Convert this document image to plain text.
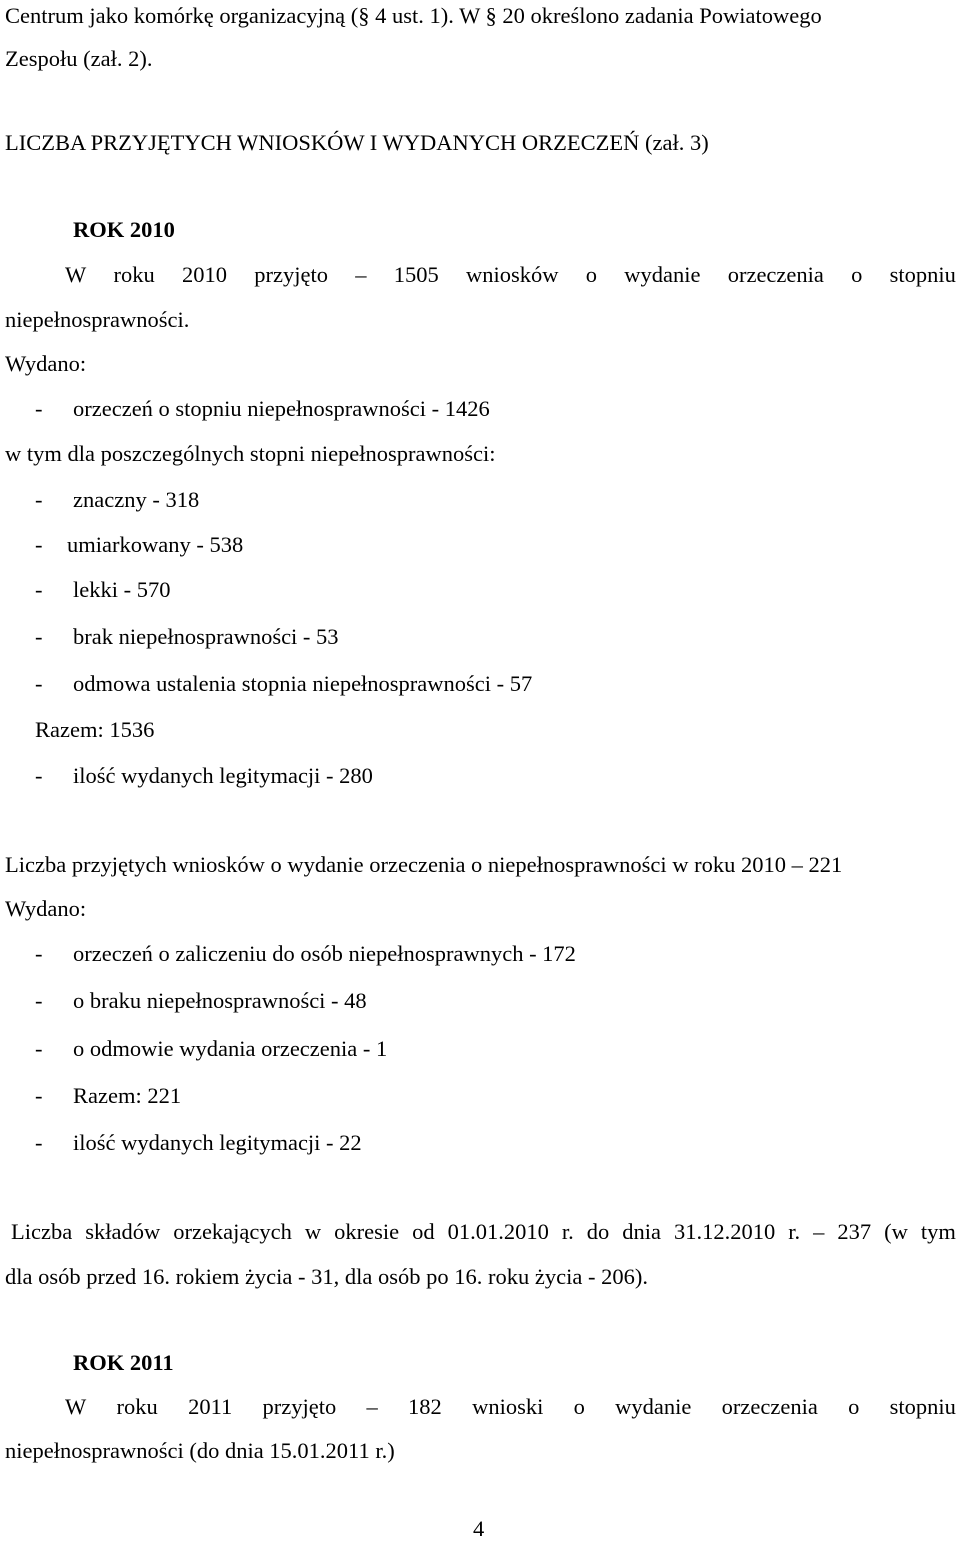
Centrum jako komórkę organizacyjną (§ 4 ust. 1). W § 20 określono zadania Powiatowego
Zespołu (zał. 2).
LICZBA PRZYJĘTYCH WNIOSKÓW I WYDANYCH ORZECZEŃ (zał. 3)
ROK 2010
W roku 2010 przyjęto – 1505 wniosków o wydanie orzeczenia o stopniu
niepełnosprawności.
Wydano:
- orzeczeń o stopniu niepełnosprawności - 1426
w tym dla poszczególnych stopni niepełnosprawności:
- znaczny - 318
- umiarkowany - 538
- lekki - 570
- brak niepełnosprawności - 53
- odmowa ustalenia stopnia niepełnosprawności - 57
Razem: 1536
- ilość wydanych legitymacji - 280
Liczba przyjętych wniosków o wydanie orzeczenia o niepełnosprawności w roku 2010 – 221
Wydano:
- orzeczeń o zaliczeniu do osób niepełnosprawnych - 172
- o braku niepełnosprawności - 48
- o odmowie wydania orzeczenia - 1
- Razem: 221
- ilość wydanych legitymacji - 22
Liczba składów orzekających w okresie od 01.01.2010 r. do dnia 31.12.2010 r. – 237 (w tym
dla osób przed 16. rokiem życia - 31, dla osób po 16. roku życia - 206).
ROK 2011
W roku 2011 przyjęto – 182 wnioski o wydanie orzeczenia o stopniu
niepełnosprawności (do dnia 15.01.2011 r.)
4
